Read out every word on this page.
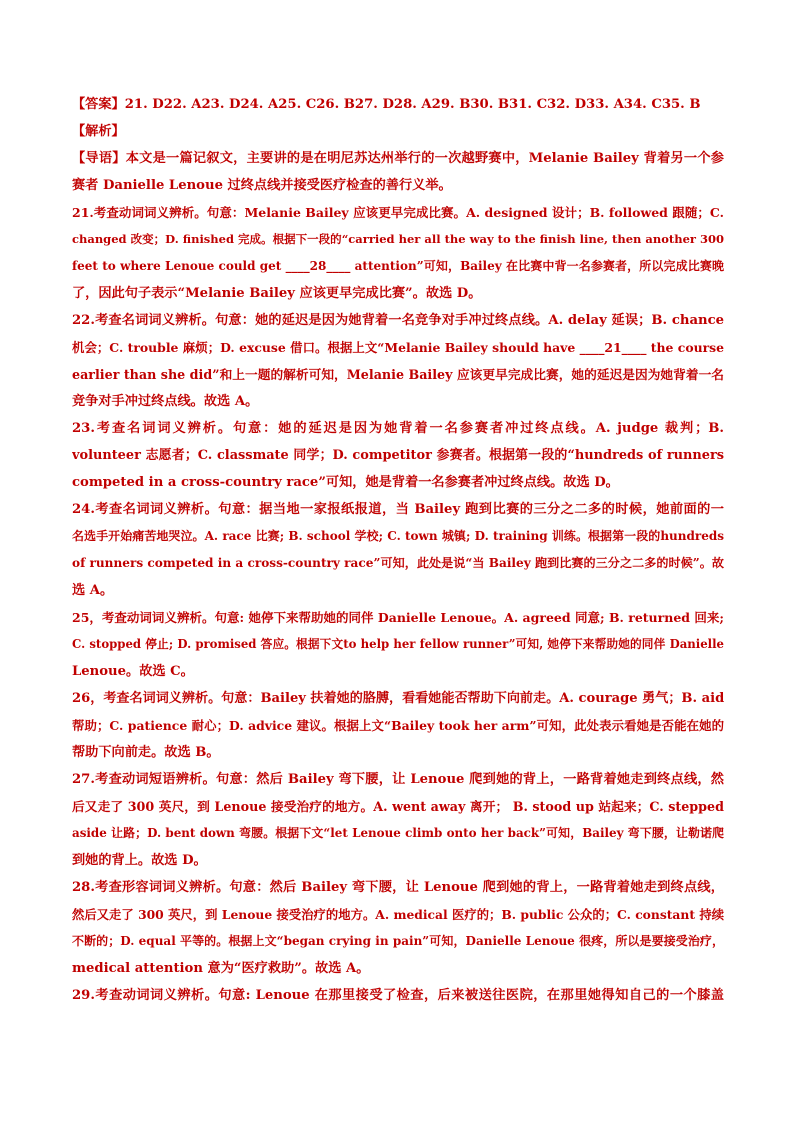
【答案】21. D22. A23. D24. A25. C26. B27. D28. A29. B30. B31. C32. D33. A34. C35. B
【解析】
【导语】本文是一篇记叙文，主要讲的是在明尼苏达州举行的一次越野赛中，Melanie Bailey 背着另一个参
赛者 Danielle Lenoue 过终点线并接受医疗检查的善行义举。
21.考查动词词义辨析。句意：Melanie Bailey 应该更早完成比赛。A. designed 设计；B. followed 跟随；C.
changed 改变；D. finished 完成。根据下一段的“carried her all the way to the finish line, then another 300
feet to where Lenoue could get ____28____ attention”可知，Bailey 在比赛中背一名参赛者，所以完成比赛晚
了，因此句子表示“Melanie Bailey 应该更早完成比赛”。故选 D。
22.考查名词词义辨析。句意：她的延迟是因为她背着一名竞争对手冲过终点线。A. delay 延误；B. chance
机会；C. trouble 麻烦；D. excuse 借口。根据上文“Melanie Bailey should have ____21____ the course
earlier than she did”和上一题的解析可知，Melanie Bailey 应该更早完成比赛，她的延迟是因为她背着一名
竞争对手冲过终点线。故选 A。
23.考查名词词义辨析。句意：她的延迟是因为她背着一名参赛者冲过终点线。A. judge 裁判；B.
volunteer 志愿者；C. classmate 同学；D. competitor 参赛者。根据第一段的“hundreds of runners
competed in a cross-country race”可知，她是背着一名参赛者冲过终点线。故选 D。
24.考查名词词义辨析。句意：据当地一家报纸报道，当 Bailey 跑到比赛的三分之二多的时候，她前面的一
名选手开始痛苦地哭泣。A. race 比赛; B. school 学校; C. town 城镇; D. training 训练。根据第一段的hundreds
of runners competed in a cross-country race”可知，此处是说“当 Bailey 跑到比赛的三分之二多的时候”。故
选 A。
25，考查动词词义辨析。句意: 她停下来帮助她的同伴 Danielle Lenoue。A. agreed 同意; B. returned 回来;
C. stopped 停止; D. promised 答应。根据下文to help her fellow runner”可知, 她停下来帮助她的同伴 Danielle
Lenoue。故选 C。
26，考查名词词义辨析。句意：Bailey 扶着她的胳膊，看看她能否帮助下向前走。A. courage 勇气；B. aid
帮助；C. patience 耐心；D. advice 建议。根据上文“Bailey took her arm”可知，此处表示看她是否能在她的
帮助下向前走。故选 B。
27.考查动词短语辨析。句意：然后 Bailey 弯下腰，让 Lenoue 爬到她的背上，一路背着她走到终点线，然
后又走了 300 英尺，到 Lenoue 接受治疗的地方。A. went away 离开； B. stood up 站起来；C. stepped
aside 让路；D. bent down 弯腰。根据下文“let Lenoue climb onto her back”可知，Bailey 弯下腰，让勒诺爬
到她的背上。故选 D。
28.考查形容词词义辨析。句意：然后 Bailey 弯下腰，让 Lenoue 爬到她的背上，一路背着她走到终点线，
然后又走了 300 英尺，到 Lenoue 接受治疗的地方。A. medical 医疗的；B. public 公众的；C. constant 持续
不断的；D. equal 平等的。根据上文“began crying in pain”可知，Danielle Lenoue 很疼，所以是要接受治疗，
medical attention 意为“医疗救助”。故选 A。
29.考查动词词义辨析。句意: Lenoue 在那里接受了检查，后来被送往医院，在那里她得知自己的一个膝盖
